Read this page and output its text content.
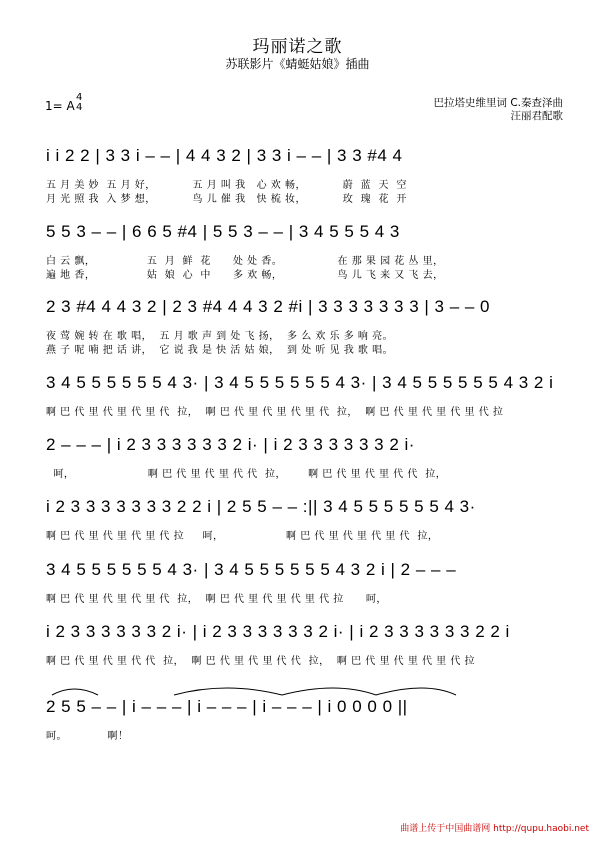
玛丽诺之歌
苏联影片《蜻蜓姑娘》插曲
1= A
4
4	巴拉塔史维里词 C.秦查泽曲
汪丽君配歌
i i 2 2 | 3 3 i – – | 4 4 3 2 | 3 3 i – – | 3 3 #4 4
五 月 美 妙  五 月 好，          五 月 叫 我   心 欢 畅，          蔚  蓝  天  空
月 光 照 我  入 梦 想，          鸟 儿 催 我   快 梳 妆，          玫  瑰  花  开
5 5 3 – – | 6 6 5 #4 | 5 5 3 – – | 3 4 5 5 5 4 3
白 云 飘，              五  月  鲜  花      处 处 香。               在 那 果 园 花 丛 里，
遍 地 香，              姑  娘  心  中      多 欢 畅，               鸟 儿 飞 来 又 飞 去，
2 3 #4 4 4 3 2 | 2 3 #4 4 4 3 2 #i | 3 3 3 3 3 3 3 | 3 – – 0
夜 莺 婉 转 在 歌 唱，  五 月 歌 声 到 处 飞 扬，  多 么 欢 乐 多 响 亮。
燕 子 呢 喃 把 话 讲，  它 说 我 是 快 活 姑 娘，  到 处 听 见 我 歌 唱。
3 4 5 5 5 5 5 5 4 3· | 3 4 5 5 5 5 5 5 4 3· | 3 4 5 5 5 5 5 5 4 3 2 i
啊 巴 代 里 代 里 代 里 代  拉，  啊 巴 代 里 代 里 代 里 代  拉，  啊 巴 代 里 代 里 代 里 代 拉
2 – – – | i 2 3 3 3 3 3 3 2 i· | i 2 3 3 3 3 3 3 2 i·
呵，                    啊 巴 代 里 代 里 代 代  拉，      啊 巴 代 里 代 里 代 代  拉，
i 2 3 3 3 3 3 3 3 2 2 i | 2 5 5 – – :|| 3 4 5 5 5 5 5 5 4 3·
啊 巴 代 里 代 里 代 里 代 拉     呵，                 啊 巴 代 里 代 里 代 里 代  拉，
3 4 5 5 5 5 5 5 4 3· | 3 4 5 5 5 5 5 5 4 3 2 i | 2 – – –
啊 巴 代 里 代 里 代 里 代  拉，  啊 巴 代 里 代 里 代 里 代 拉      呵，
i 2 3 3 3 3 3 3 2 i· | i 2 3 3 3 3 3 3 2 i· | i 2 3 3 3 3 3 3 2 2 i
啊 巴 代 里 代 里 代 代  拉，  啊 巴 代 里 代 里 代 代  拉，  啊 巴 代 里 代 里 代 里 代 拉
2 5 5 – – | i – – – | i – – – | i – – – | i 0 0 0 0 ||
呵。           啊！
曲谱上传于中国曲谱网 http://qupu.haobi.net
